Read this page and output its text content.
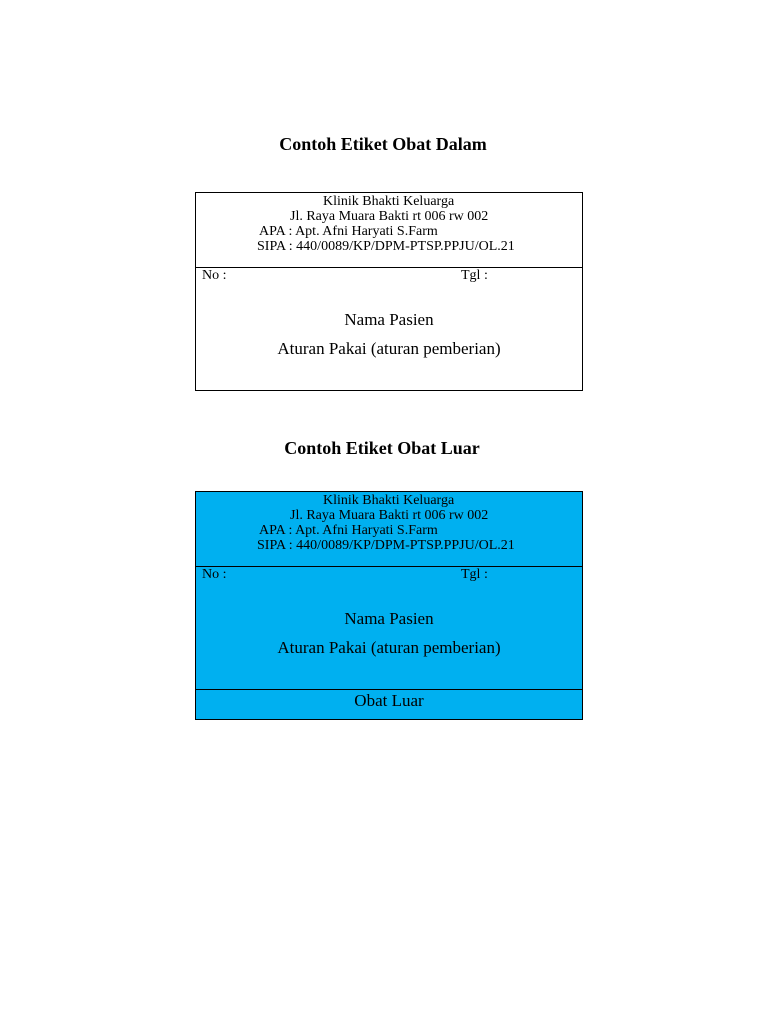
Contoh Etiket Obat Dalam
Klinik Bhakti Keluarga
Jl. Raya Muara Bakti rt 006 rw 002
APA : Apt. Afni Haryati S.Farm
SIPA : 440/0089/KP/DPM-PTSP.PPJU/OL.21
No :	Tgl :
Nama Pasien
Aturan Pakai (aturan pemberian)
Contoh Etiket Obat Luar
Klinik Bhakti Keluarga
Jl. Raya Muara Bakti rt 006 rw 002
APA : Apt. Afni Haryati S.Farm
SIPA : 440/0089/KP/DPM-PTSP.PPJU/OL.21
No :	Tgl :
Nama Pasien
Aturan Pakai (aturan pemberian)
Obat Luar
